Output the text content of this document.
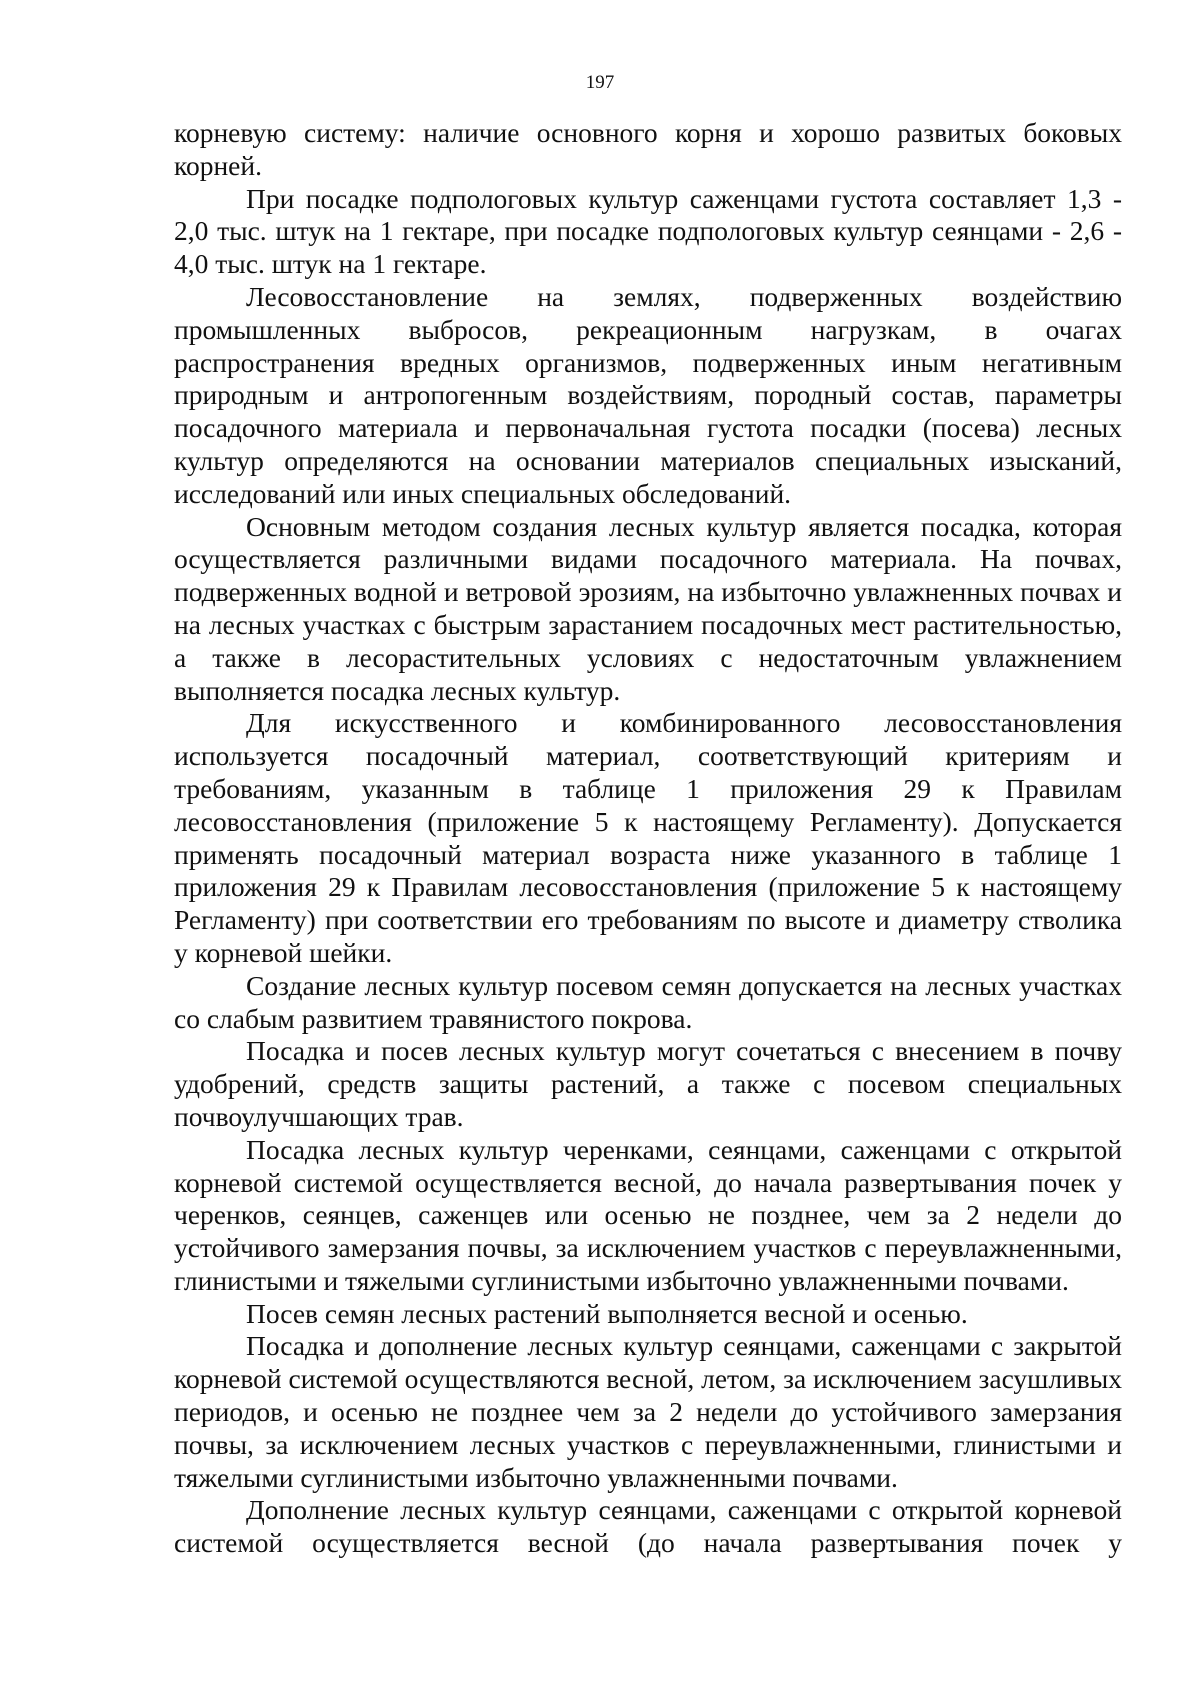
197

корневую систему: наличие основного корня и хорошо развитых боковых корней.

При посадке подпологовых культур саженцами густота составляет 1,3 - 2,0 тыс. штук на 1 гектаре, при посадке подпологовых культур сеянцами - 2,6 - 4,0 тыс. штук на 1 гектаре.

Лесовосстановление на землях, подверженных воздействию промышленных выбросов, рекреационным нагрузкам, в очагах распространения вредных организмов, подверженных иным негативным природным и антропогенным воздействиям, породный состав, параметры посадочного материала и первоначальная густота посадки (посева) лесных культур определяются на основании материалов специальных изысканий, исследований или иных специальных обследований.

Основным методом создания лесных культур является посадка, которая осуществляется различными видами посадочного материала. На почвах, подверженных водной и ветровой эрозиям, на избыточно увлажненных почвах и на лесных участках с быстрым зарастанием посадочных мест растительностью, а также в лесорастительных условиях с недостаточным увлажнением выполняется посадка лесных культур.

Для искусственного и комбинированного лесовосстановления используется посадочный материал, соответствующий критериям и требованиям, указанным в таблице 1 приложения 29 к Правилам лесовосстановления (приложение 5 к настоящему Регламенту). Допускается применять посадочный материал возраста ниже указанного в таблице 1 приложения 29 к Правилам лесовосстановления (приложение 5 к настоящему Регламенту) при соответствии его требованиям по высоте и диаметру стволика у корневой шейки.

Создание лесных культур посевом семян допускается на лесных участках со слабым развитием травянистого покрова.

Посадка и посев лесных культур могут сочетаться с внесением в почву удобрений, средств защиты растений, а также с посевом специальных почвоулучшающих трав.

Посадка лесных культур черенками, сеянцами, саженцами с открытой корневой системой осуществляется весной, до начала развертывания почек у черенков, сеянцев, саженцев или осенью не позднее, чем за 2 недели до устойчивого замерзания почвы, за исключением участков с переувлажненными, глинистыми и тяжелыми суглинистыми избыточно увлажненными почвами.

Посев семян лесных растений выполняется весной и осенью.

Посадка и дополнение лесных культур сеянцами, саженцами с закрытой корневой системой осуществляются весной, летом, за исключением засушливых периодов, и осенью не позднее чем за 2 недели до устойчивого замерзания почвы, за исключением лесных участков с переувлажненными, глинистыми и тяжелыми суглинистыми избыточно увлажненными почвами.

Дополнение лесных культур сеянцами, саженцами с открытой корневой системой осуществляется весной (до начала развертывания почек у
